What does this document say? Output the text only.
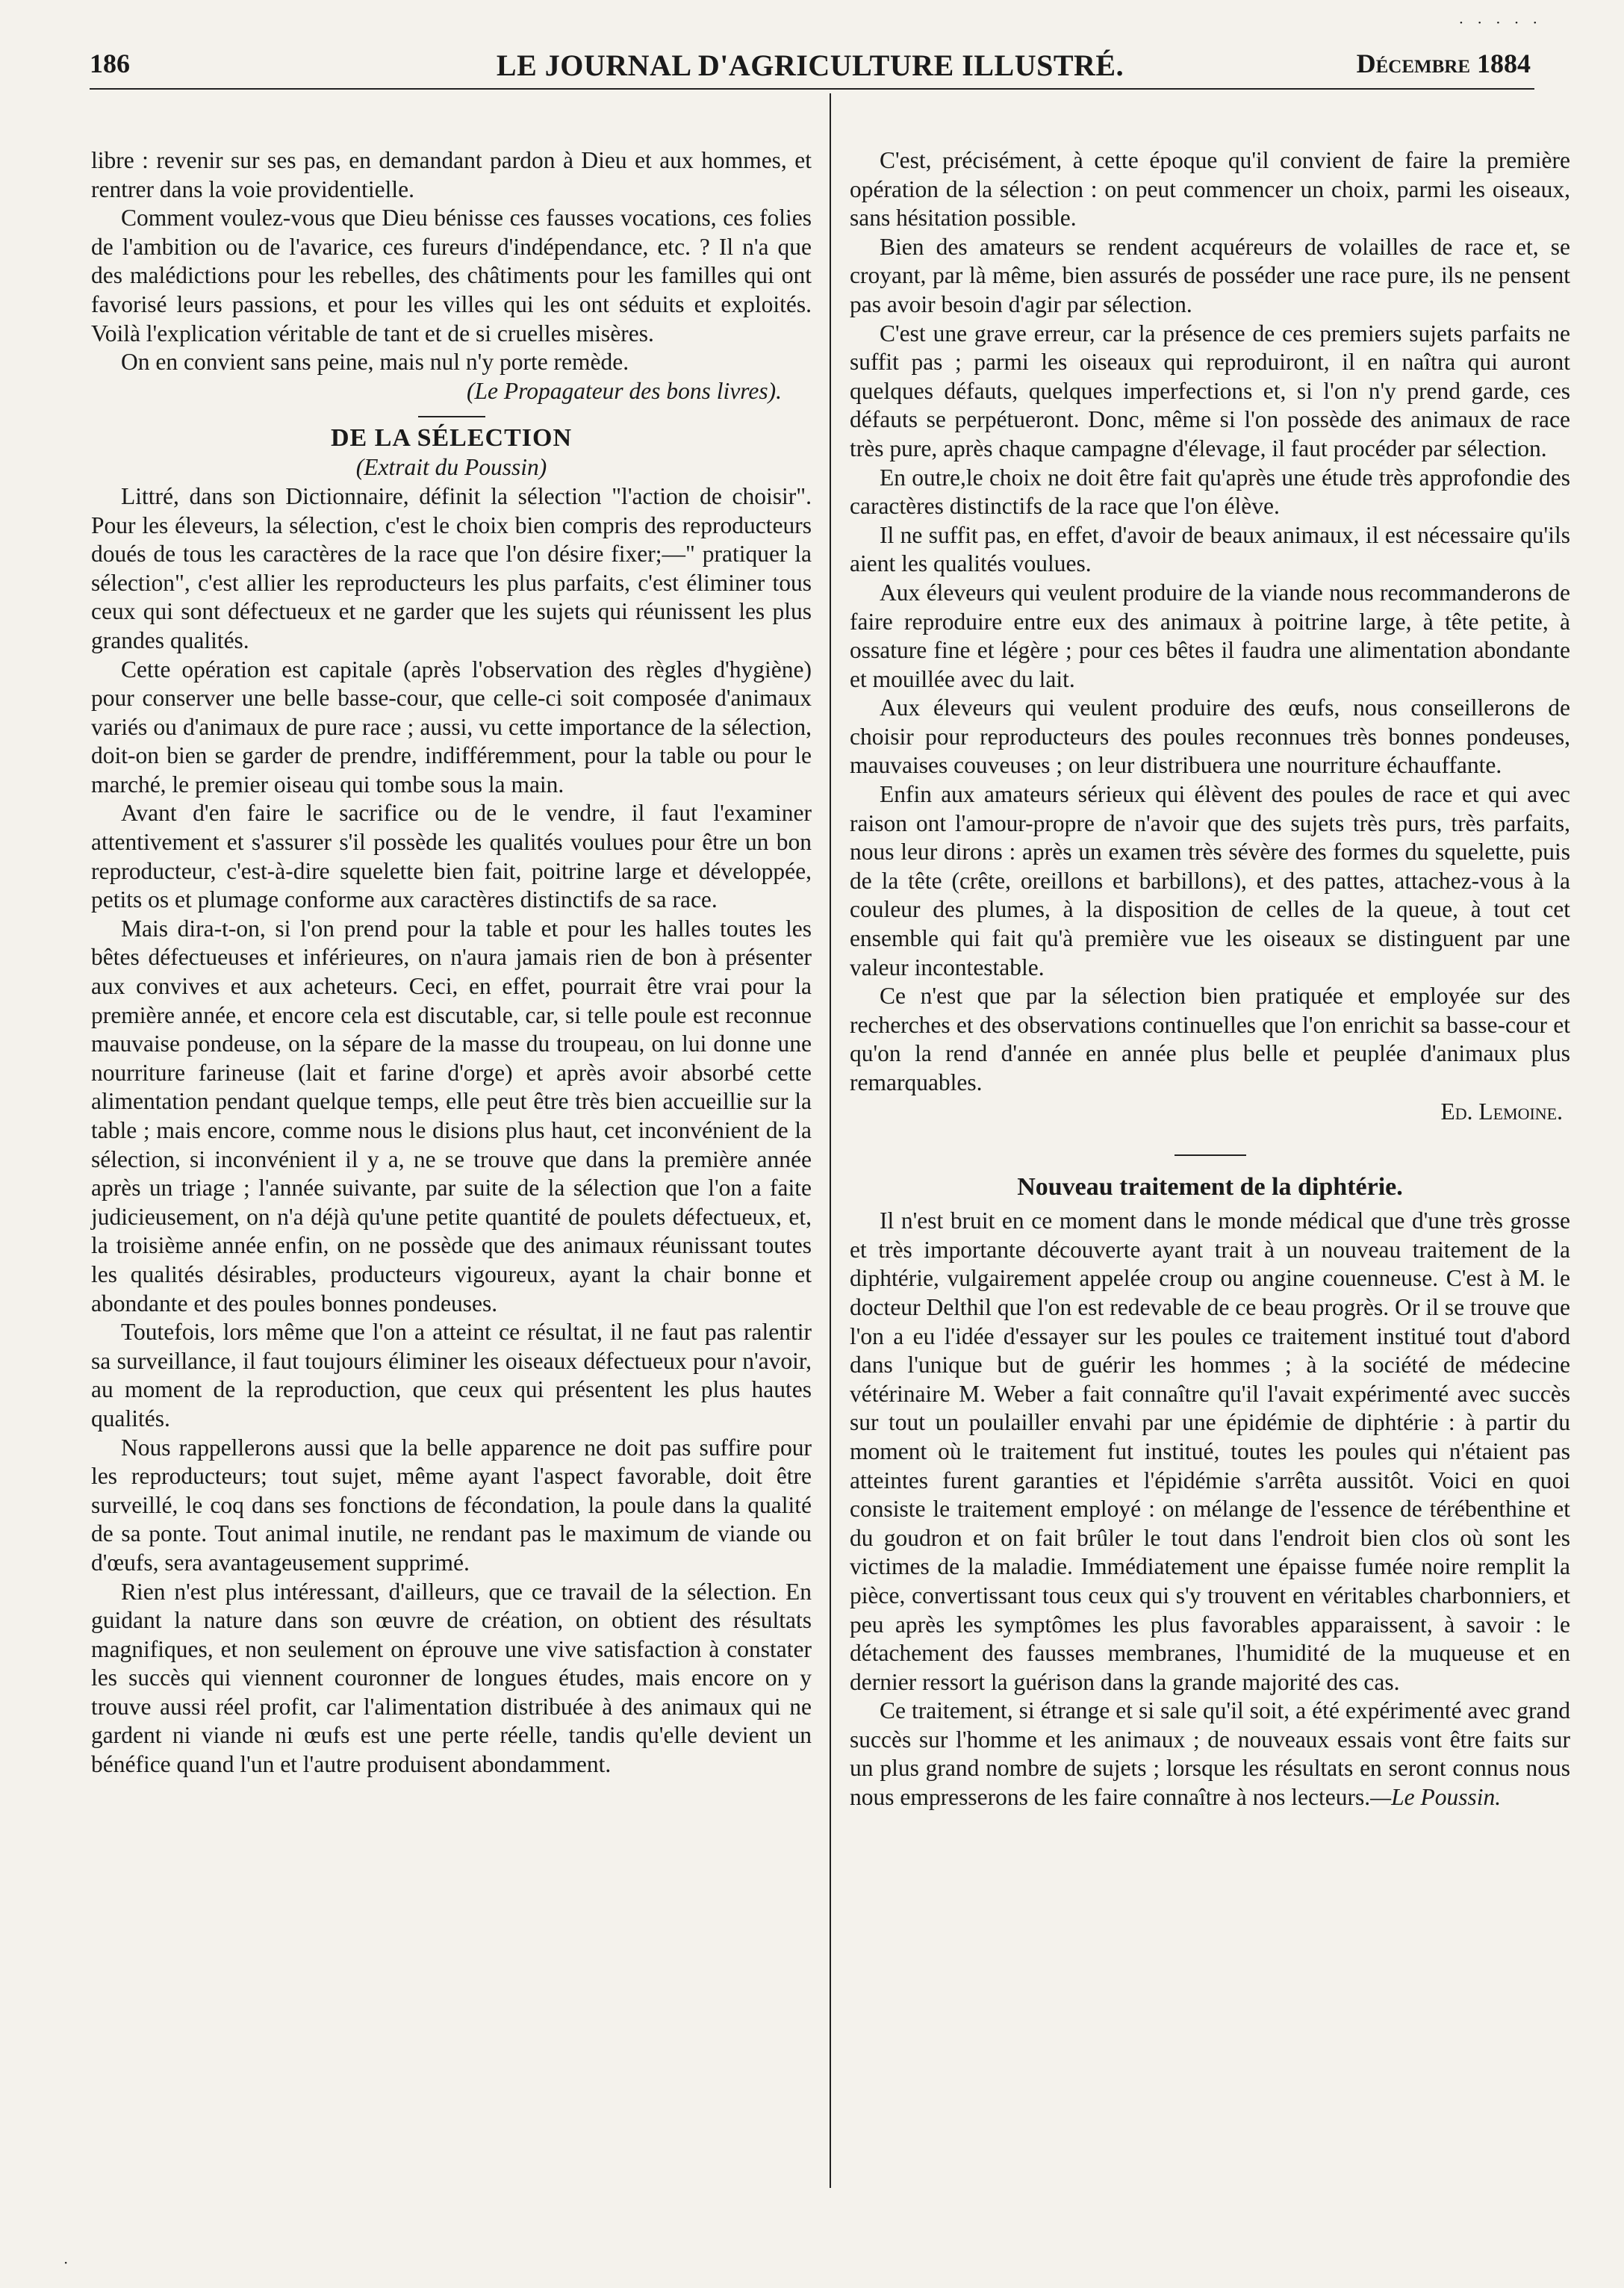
· · · · ·
186	LE JOURNAL D'AGRICULTURE ILLUSTRÉ.	Décembre 1884

libre : revenir sur ses pas, en demandant pardon à Dieu et aux hommes, et rentrer dans la voie providentielle.

Comment voulez-vous que Dieu bénisse ces fausses vocations, ces folies de l'ambition ou de l'avarice, ces fureurs d'indépendance, etc. ? Il n'a que des malédictions pour les rebelles, des châtiments pour les familles qui ont favorisé leurs passions, et pour les villes qui les ont séduits et exploités. Voilà l'explication véritable de tant et de si cruelles misères.

On en convient sans peine, mais nul n'y porte remède.

(Le Propagateur des bons livres).
DE LA SÉLECTION
(Extrait du Poussin)

Littré, dans son Dictionnaire, définit la sélection "l'action de choisir". Pour les éleveurs, la sélection, c'est le choix bien compris des reproducteurs doués de tous les caractères de la race que l'on désire fixer;—" pratiquer la sélection", c'est allier les reproducteurs les plus parfaits, c'est éliminer tous ceux qui sont défectueux et ne garder que les sujets qui réunissent les plus grandes qualités.

Cette opération est capitale (après l'observation des règles d'hygiène) pour conserver une belle basse-cour, que celle-ci soit composée d'animaux variés ou d'animaux de pure race ; aussi, vu cette importance de la sélection, doit-on bien se garder de prendre, indifféremment, pour la table ou pour le marché, le premier oiseau qui tombe sous la main.

Avant d'en faire le sacrifice ou de le vendre, il faut l'examiner attentivement et s'assurer s'il possède les qualités voulues pour être un bon reproducteur, c'est-à-dire squelette bien fait, poitrine large et développée, petits os et plumage conforme aux caractères distinctifs de sa race.

Mais dira-t-on, si l'on prend pour la table et pour les halles toutes les bêtes défectueuses et inférieures, on n'aura jamais rien de bon à présenter aux convives et aux acheteurs. Ceci, en effet, pourrait être vrai pour la première année, et encore cela est discutable, car, si telle poule est reconnue mauvaise pondeuse, on la sépare de la masse du troupeau, on lui donne une nourriture farineuse (lait et farine d'orge) et après avoir absorbé cette alimentation pendant quelque temps, elle peut être très bien accueillie sur la table ; mais encore, comme nous le disions plus haut, cet inconvénient de la sélection, si inconvénient il y a, ne se trouve que dans la première année après un triage ; l'année suivante, par suite de la sélection que l'on a faite judicieusement, on n'a déjà qu'une petite quantité de poulets défectueux, et, la troisième année enfin, on ne possède que des animaux réunissant toutes les qualités désirables, producteurs vigoureux, ayant la chair bonne et abondante et des poules bonnes pondeuses.

Toutefois, lors même que l'on a atteint ce résultat, il ne faut pas ralentir sa surveillance, il faut toujours éliminer les oiseaux défectueux pour n'avoir, au moment de la reproduction, que ceux qui présentent les plus hautes qualités.

Nous rappellerons aussi que la belle apparence ne doit pas suffire pour les reproducteurs; tout sujet, même ayant l'aspect favorable, doit être surveillé, le coq dans ses fonctions de fécondation, la poule dans la qualité de sa ponte. Tout animal inutile, ne rendant pas le maximum de viande ou d'œufs, sera avantageusement supprimé.

Rien n'est plus intéressant, d'ailleurs, que ce travail de la sélection. En guidant la nature dans son œuvre de création, on obtient des résultats magnifiques, et non seulement on éprouve une vive satisfaction à constater les succès qui viennent couronner de longues études, mais encore on y trouve aussi réel profit, car l'alimentation distribuée à des animaux qui ne gardent ni viande ni œufs est une perte réelle, tandis qu'elle devient un bénéfice quand l'un et l'autre produisent abondamment.

C'est, précisément, à cette époque qu'il convient de faire la première opération de la sélection : on peut commencer un choix, parmi les oiseaux, sans hésitation possible.

Bien des amateurs se rendent acquéreurs de volailles de race et, se croyant, par là même, bien assurés de posséder une race pure, ils ne pensent pas avoir besoin d'agir par sélection.

C'est une grave erreur, car la présence de ces premiers sujets parfaits ne suffit pas ; parmi les oiseaux qui reproduiront, il en naîtra qui auront quelques défauts, quelques imperfections et, si l'on n'y prend garde, ces défauts se perpétueront. Donc, même si l'on possède des animaux de race très pure, après chaque campagne d'élevage, il faut procéder par sélection.

En outre,le choix ne doit être fait qu'après une étude très approfondie des caractères distinctifs de la race que l'on élève.

Il ne suffit pas, en effet, d'avoir de beaux animaux, il est nécessaire qu'ils aient les qualités voulues.

Aux éleveurs qui veulent produire de la viande nous recommanderons de faire reproduire entre eux des animaux à poitrine large, à tête petite, à ossature fine et légère ; pour ces bêtes il faudra une alimentation abondante et mouillée avec du lait.

Aux éleveurs qui veulent produire des œufs, nous conseillerons de choisir pour reproducteurs des poules reconnues très bonnes pondeuses, mauvaises couveuses ; on leur distribuera une nourriture échauffante.

Enfin aux amateurs sérieux qui élèvent des poules de race et qui avec raison ont l'amour-propre de n'avoir que des sujets très purs, très parfaits, nous leur dirons : après un examen très sévère des formes du squelette, puis de la tête (crête, oreillons et barbillons), et des pattes, attachez-vous à la couleur des plumes, à la disposition de celles de la queue, à tout cet ensemble qui fait qu'à première vue les oiseaux se distinguent par une valeur incontestable.

Ce n'est que par la sélection bien pratiquée et employée sur des recherches et des observations continuelles que l'on enrichit sa basse-cour et qu'on la rend d'année en année plus belle et peuplée d'animaux plus remarquables.

Ed. Lemoine.
Nouveau traitement de la diphtérie.

Il n'est bruit en ce moment dans le monde médical que d'une très grosse et très importante découverte ayant trait à un nouveau traitement de la diphtérie, vulgairement appelée croup ou angine couenneuse. C'est à M. le docteur Delthil que l'on est redevable de ce beau progrès. Or il se trouve que l'on a eu l'idée d'essayer sur les poules ce traitement institué tout d'abord dans l'unique but de guérir les hommes ; à la société de médecine vétérinaire M. Weber a fait connaître qu'il l'avait expérimenté avec succès sur tout un poulailler envahi par une épidémie de diphtérie : à partir du moment où le traitement fut institué, toutes les poules qui n'étaient pas atteintes furent garanties et l'épidémie s'arrêta aussitôt. Voici en quoi consiste le traitement employé : on mélange de l'essence de térébenthine et du goudron et on fait brûler le tout dans l'endroit bien clos où sont les victimes de la maladie. Immédiatement une épaisse fumée noire remplit la pièce, convertissant tous ceux qui s'y trouvent en véritables charbonniers, et peu après les symptômes les plus favorables apparaissent, à savoir : le détachement des fausses membranes, l'humidité de la muqueuse et en dernier ressort la guérison dans la grande majorité des cas.

Ce traitement, si étrange et si sale qu'il soit, a été expérimenté avec grand succès sur l'homme et les animaux ; de nouveaux essais vont être faits sur un plus grand nombre de sujets ; lorsque les résultats en seront connus nous nous empresserons de les faire connaître à nos lecteurs.—Le Poussin.

·
